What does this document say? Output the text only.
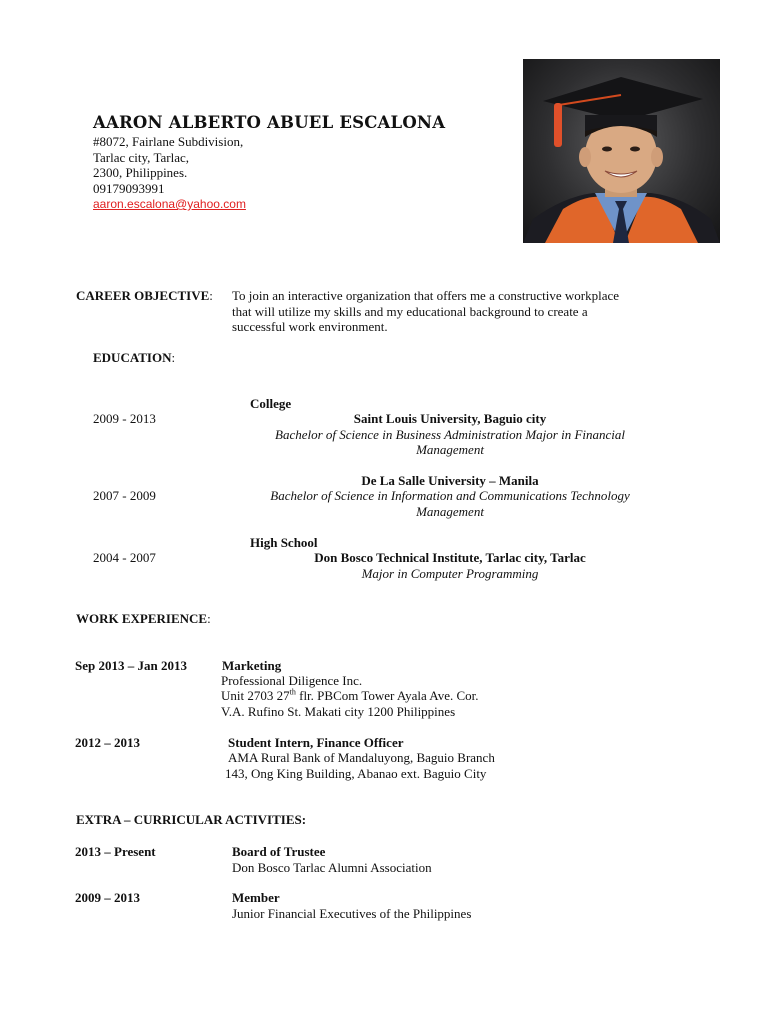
AARON ALBERTO ABUEL ESCALONA
#8072, Fairlane Subdivision,
Tarlac city, Tarlac,
2300, Philippines.
09179093991
aaron.escalona@yahoo.com
CAREER OBJECTIVE: To join an interactive organization that offers me a constructive workplace
that will utilize my skills and my educational background to create a
successful work environment.
EDUCATION:
College
2009 - 2013	Saint Louis University, Baguio city
Bachelor of Science in Business Administration Major in Financial
Management
De La Salle University – Manila
2007 - 2009	Bachelor of Science in Information and Communications Technology
Management
High School
2004 - 2007	Don Bosco Technical Institute, Tarlac city, Tarlac
Major in Computer Programming
WORK EXPERIENCE:
Sep 2013 – Jan 2013	Marketing
Professional Diligence Inc.
Unit 2703 27th flr. PBCom Tower Ayala Ave. Cor.
V.A. Rufino St. Makati city 1200 Philippines
2012 – 2013	Student Intern, Finance Officer
AMA Rural Bank of Mandaluyong, Baguio Branch
143, Ong King Building, Abanao ext. Baguio City
EXTRA – CURRICULAR ACTIVITIES:
2013 – Present	Board of Trustee
Don Bosco Tarlac Alumni Association
2009 – 2013	Member
Junior Financial Executives of the Philippines
